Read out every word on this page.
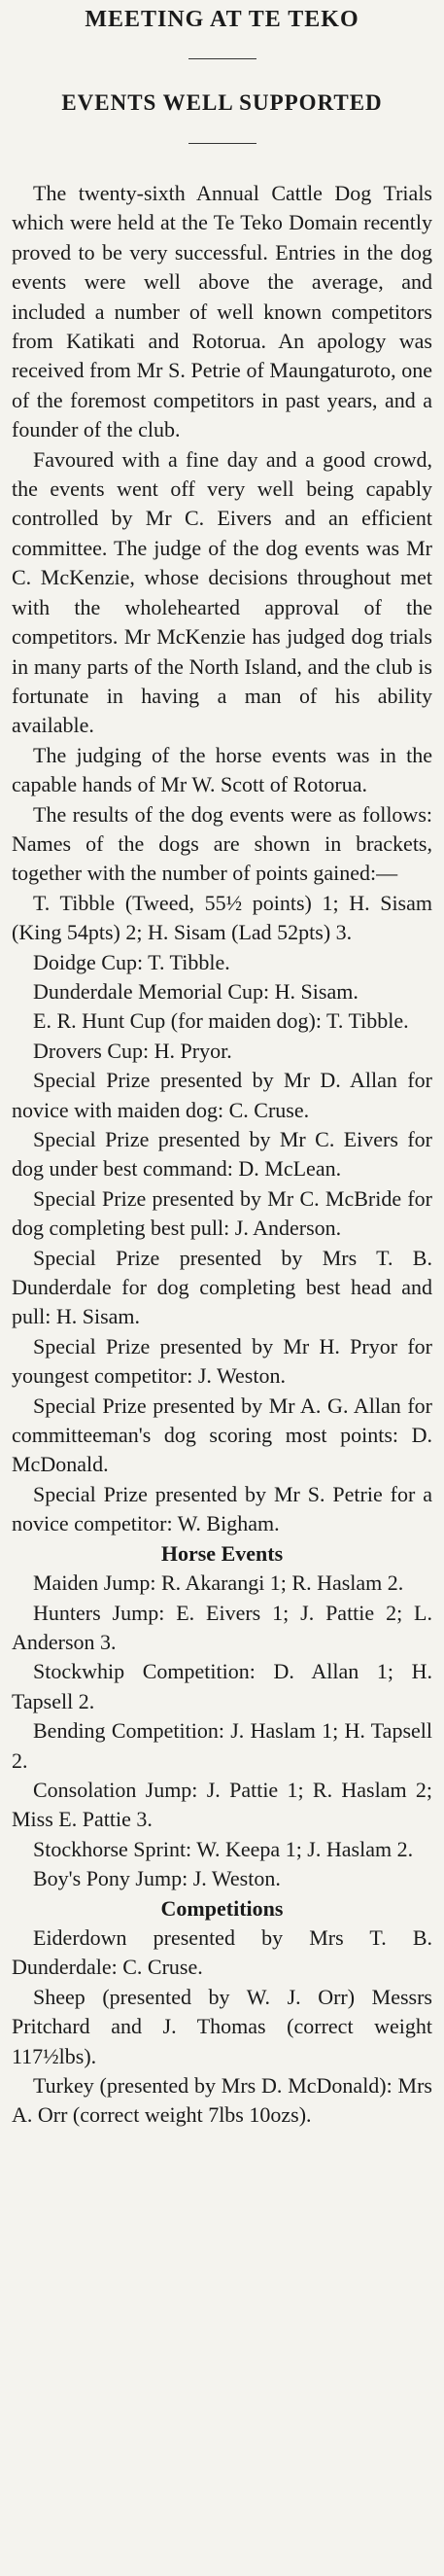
MEETING AT TE TEKO
EVENTS WELL SUPPORTED

The twenty-sixth Annual Cattle Dog Trials which were held at the Te Teko Domain recently proved to be very successful. Entries in the dog events were well above the average, and included a number of well known competitors from Katikati and Rotorua. An apology was received from Mr S. Petrie of Maungaturoto, one of the foremost competitors in past years, and a founder of the club.

Favoured with a fine day and a good crowd, the events went off very well being capably controlled by Mr C. Eivers and an efficient committee. The judge of the dog events was Mr C. McKenzie, whose decisions throughout met with the wholehearted approval of the competitors. Mr McKenzie has judged dog trials in many parts of the North Island, and the club is fortunate in having a man of his ability available.

The judging of the horse events was in the capable hands of Mr W. Scott of Rotorua.

The results of the dog events were as follows: Names of the dogs are shown in brackets, together with the number of points gained:—

T. Tibble (Tweed, 55½ points) 1; H. Sisam (King 54pts) 2; H. Sisam (Lad 52pts) 3.

Doidge Cup: T. Tibble.

Dunderdale Memorial Cup: H. Sisam.

E. R. Hunt Cup (for maiden dog): T. Tibble.

Drovers Cup: H. Pryor.

Special Prize presented by Mr D. Allan for novice with maiden dog: C. Cruse.

Special Prize presented by Mr C. Eivers for dog under best command: D. McLean.

Special Prize presented by Mr C. McBride for dog completing best pull: J. Anderson.

Special Prize presented by Mrs T. B. Dunderdale for dog completing best head and pull: H. Sisam.

Special Prize presented by Mr H. Pryor for youngest competitor: J. Weston.

Special Prize presented by Mr A. G. Allan for committeeman's dog scoring most points: D. McDonald.

Special Prize presented by Mr S. Petrie for a novice competitor: W. Bigham.

Horse Events

Maiden Jump: R. Akarangi 1; R. Haslam 2.

Hunters Jump: E. Eivers 1; J. Pattie 2; L. Anderson 3.

Stockwhip Competition: D. Allan 1; H. Tapsell 2.

Bending Competition: J. Haslam 1; H. Tapsell 2.

Consolation Jump: J. Pattie 1; R. Haslam 2; Miss E. Pattie 3.

Stockhorse Sprint: W. Keepa 1; J. Haslam 2.

Boy's Pony Jump: J. Weston.

Competitions

Eiderdown presented by Mrs T. B. Dunderdale: C. Cruse.

Sheep (presented by W. J. Orr) Messrs Pritchard and J. Thomas (correct weight 117½lbs).

Turkey (presented by Mrs D. McDonald): Mrs A. Orr (correct weight 7lbs 10ozs).
